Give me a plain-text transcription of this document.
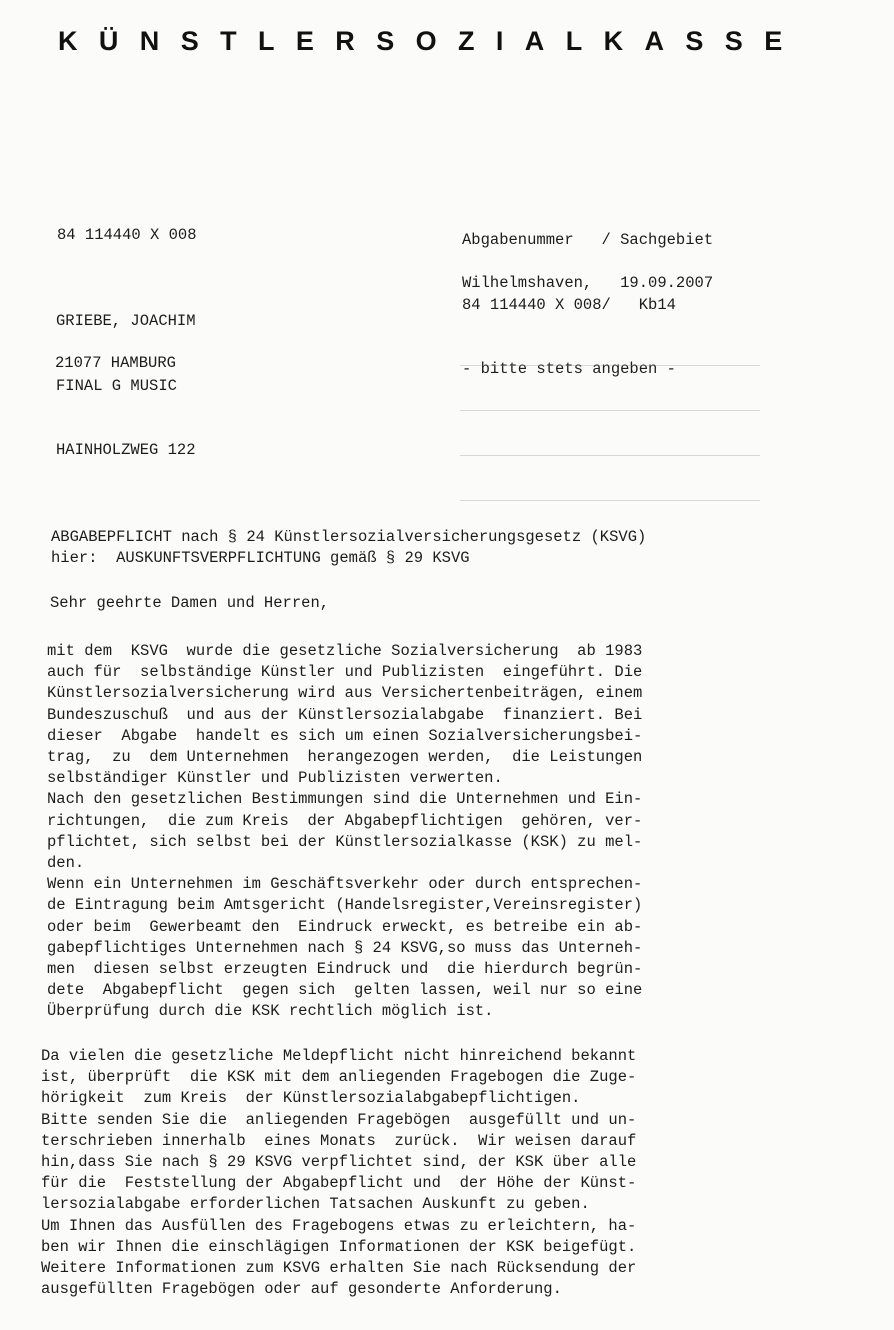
KÜNSTLERSOZIALKASSE

Abgabenummer   / Sachgebiet

84 114440 X 008/   Kb14

- bitte stets angeben -

Wilhelmshaven,   19.09.2007
84 114440 X 008

GRIEBE, JOACHIM

FINAL G MUSIC

HAINHOLZWEG 122

21077 HAMBURG
ABGABEPFLICHT nach § 24 Künstlersozialversicherungsgesetz (KSVG)
hier:  AUSKUNFTSVERPFLICHTUNG gemäß § 29 KSVG
Sehr geehrte Damen und Herren,
mit dem  KSVG  wurde die gesetzliche Sozialversicherung  ab 1983
auch für  selbständige Künstler und Publizisten  eingeführt. Die
Künstlersozialversicherung wird aus Versichertenbeiträgen, einem
Bundeszuschuß  und aus der Künstlersozialabgabe  finanziert. Bei
dieser  Abgabe  handelt es sich um einen Sozialversicherungsbei-
trag,  zu  dem Unternehmen  herangezogen werden,  die Leistungen
selbständiger Künstler und Publizisten verwerten.
Nach den gesetzlichen Bestimmungen sind die Unternehmen und Ein-
richtungen,  die zum Kreis  der Abgabepflichtigen  gehören, ver-
pflichtet, sich selbst bei der Künstlersozialkasse (KSK) zu mel-
den.
Wenn ein Unternehmen im Geschäftsverkehr oder durch entsprechen-
de Eintragung beim Amtsgericht (Handelsregister,Vereinsregister)
oder beim  Gewerbeamt den  Eindruck erweckt, es betreibe ein ab-
gabepflichtiges Unternehmen nach § 24 KSVG,so muss das Unterneh-
men  diesen selbst erzeugten Eindruck und  die hierdurch begrün-
dete  Abgabepflicht  gegen sich  gelten lassen, weil nur so eine
Überprüfung durch die KSK rechtlich möglich ist.
Da vielen die gesetzliche Meldepflicht nicht hinreichend bekannt
ist, überprüft  die KSK mit dem anliegenden Fragebogen die Zuge-
hörigkeit  zum Kreis  der Künstlersozialabgabepflichtigen.
Bitte senden Sie die  anliegenden Fragebögen  ausgefüllt und un-
terschrieben innerhalb  eines Monats  zurück.  Wir weisen darauf
hin,dass Sie nach § 29 KSVG verpflichtet sind, der KSK über alle
für die  Feststellung der Abgabepflicht und  der Höhe der Künst-
lersozialabgabe erforderlichen Tatsachen Auskunft zu geben.
Um Ihnen das Ausfüllen des Fragebogens etwas zu erleichtern, ha-
ben wir Ihnen die einschlägigen Informationen der KSK beigefügt.
Weitere Informationen zum KSVG erhalten Sie nach Rücksendung der
ausgefüllten Fragebögen oder auf gesonderte Anforderung.
